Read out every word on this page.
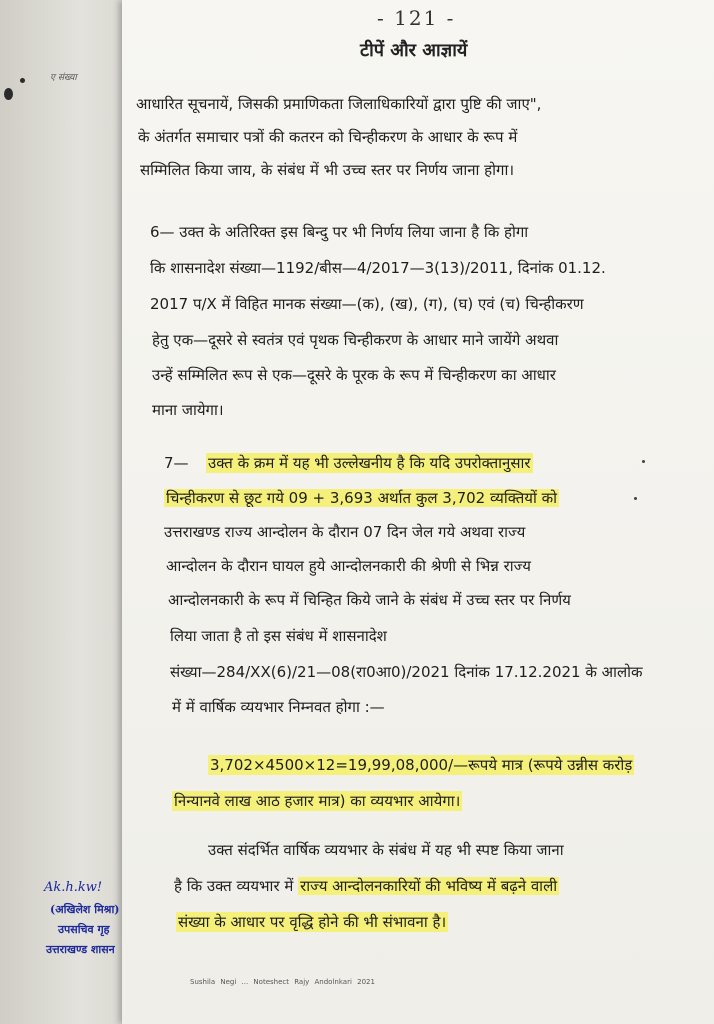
ए संख्या
- 121 -
टीपें और आज्ञायें
आधारित सूचनायें, जिसकी प्रमाणिकता जिलाधिकारियों द्वारा पुष्टि की जाए",
के अंतर्गत समाचार पत्रों की कतरन को चिन्हीकरण के आधार के रूप में
सम्मिलित किया जाय, के संबंध में भी उच्च स्तर पर निर्णय जाना होगा।
6— उक्त के अतिरिक्त इस बिन्दु पर भी निर्णय लिया जाना है कि होगा
कि शासनादेश संख्या—1192/बीस—4/2017—3(13)/2011, दिनांक 01.12.
2017 प/X में विहित मानक संख्या—(क), (ख), (ग), (घ) एवं (च) चिन्हीकरण
हेतु एक—दूसरे से स्वतंत्र एवं पृथक चिन्हीकरण के आधार माने जायेंगे अथवा
उन्हें सम्मिलित रूप से एक—दूसरे के पूरक के रूप में चिन्हीकरण का आधार
माना जायेगा।
7— उक्त के क्रम में यह भी उल्लेखनीय है कि यदि उपरोक्तानुसार
चिन्हीकरण से छूट गये 09 + 3,693 अर्थात कुल 3,702 व्यक्तियों को
उत्तराखण्ड राज्य आन्दोलन के दौरान 07 दिन जेल गये अथवा राज्य
आन्दोलन के दौरान घायल हुये आन्दोलनकारी की श्रेणी से भिन्न राज्य
आन्दोलनकारी के रूप में चिन्हित किये जाने के संबंध में उच्च स्तर पर निर्णय
लिया जाता है तो इस संबंध में शासनादेश
संख्या—284/XX(6)/21—08(रा0आ0)/2021 दिनांक 17.12.2021 के आलोक
में में वार्षिक व्ययभार निम्नवत होगा :—
3,702×4500×12=19,99,08,000/—रूपये मात्र (रूपये उन्नीस करोड़
निन्यानवे लाख आठ हजार मात्र) का व्ययभार आयेगा।
उक्त संदर्भित वार्षिक व्ययभार के संबंध में यह भी स्पष्ट किया जाना
है कि उक्त व्ययभार में राज्य आन्दोलनकारियों की भविष्य में बढ़ने वाली
संख्या के आधार पर वृद्धि होने की भी संभावना है।
Sushila Negi ... Noteshect Rajy Andolnkari 2021
Ak.h.kw!
(अखिलेश मिश्रा)
उपसचिव गृह
उत्तराखण्ड शासन
